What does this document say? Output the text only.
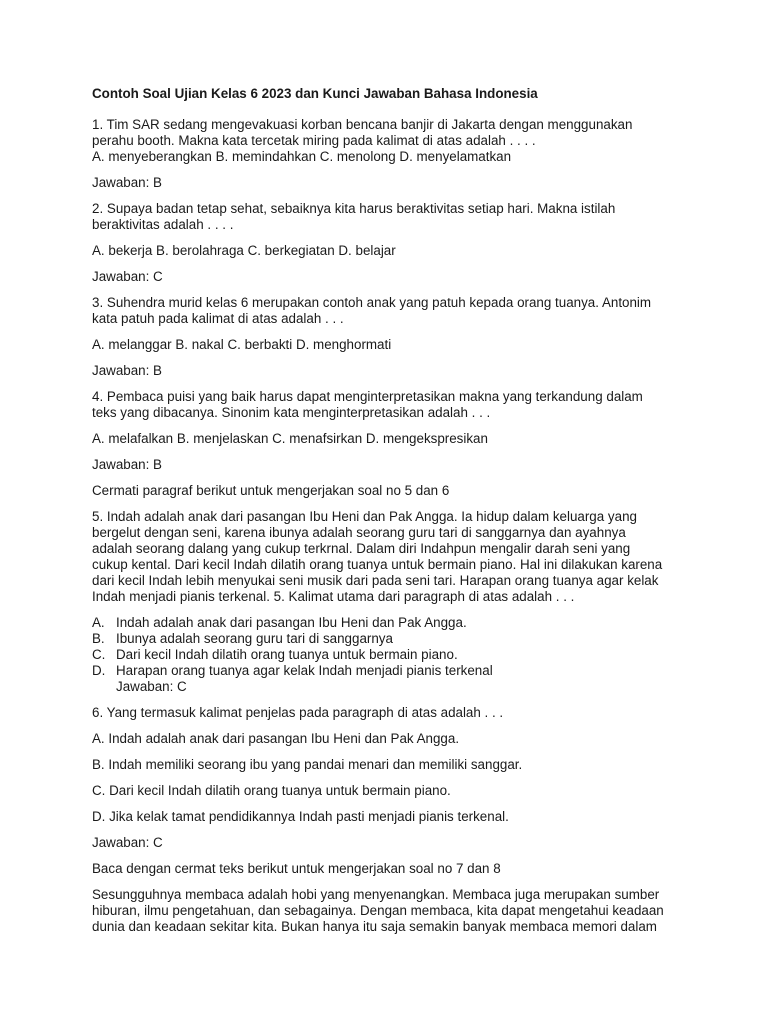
Contoh Soal Ujian Kelas 6 2023 dan Kunci Jawaban Bahasa Indonesia

1. Tim SAR sedang mengevakuasi korban bencana banjir di Jakarta dengan menggunakan
perahu booth. Makna kata tercetak miring pada kalimat di atas adalah . . . .
A. menyeberangkan B. memindahkan C. menolong D. menyelamatkan

Jawaban: B

2. Supaya badan tetap sehat, sebaiknya kita harus beraktivitas setiap hari. Makna istilah
beraktivitas adalah . . . .

A. bekerja B. berolahraga C. berkegiatan D. belajar

Jawaban: C

3. Suhendra murid kelas 6 merupakan contoh anak yang patuh kepada orang tuanya. Antonim
kata patuh pada kalimat di atas adalah . . .

A. melanggar B. nakal C. berbakti D. menghormati

Jawaban: B

4. Pembaca puisi yang baik harus dapat menginterpretasikan makna yang terkandung dalam
teks yang dibacanya. Sinonim kata menginterpretasikan adalah . . .

A. melafalkan B. menjelaskan C. menafsirkan D. mengekspresikan

Jawaban: B

Cermati paragraf berikut untuk mengerjakan soal no 5 dan 6

5. Indah adalah anak dari pasangan Ibu Heni dan Pak Angga. Ia hidup dalam keluarga yang
bergelut dengan seni, karena ibunya adalah seorang guru tari di sanggarnya dan ayahnya
adalah seorang dalang yang cukup terkrnal. Dalam diri Indahpun mengalir darah seni yang
cukup kental. Dari kecil Indah dilatih orang tuanya untuk bermain piano. Hal ini dilakukan karena
dari kecil Indah lebih menyukai seni musik dari pada seni tari. Harapan orang tuanya agar kelak
Indah menjadi pianis terkenal. 5. Kalimat utama dari paragraph di atas adalah . . .

A. Indah adalah anak dari pasangan Ibu Heni dan Pak Angga.
B. Ibunya adalah seorang guru tari di sanggarnya
C. Dari kecil Indah dilatih orang tuanya untuk bermain piano.
D. Harapan orang tuanya agar kelak Indah menjadi pianis terkenal

Jawaban: C

6. Yang termasuk kalimat penjelas pada paragraph di atas adalah . . .

A. Indah adalah anak dari pasangan Ibu Heni dan Pak Angga.

B. Indah memiliki seorang ibu yang pandai menari dan memiliki sanggar.

C. Dari kecil Indah dilatih orang tuanya untuk bermain piano.

D. Jika kelak tamat pendidikannya Indah pasti menjadi pianis terkenal.

Jawaban: C

Baca dengan cermat teks berikut untuk mengerjakan soal no 7 dan 8

Sesungguhnya membaca adalah hobi yang menyenangkan. Membaca juga merupakan sumber
hiburan, ilmu pengetahuan, dan sebagainya. Dengan membaca, kita dapat mengetahui keadaan
dunia dan keadaan sekitar kita. Bukan hanya itu saja semakin banyak membaca memori dalam
